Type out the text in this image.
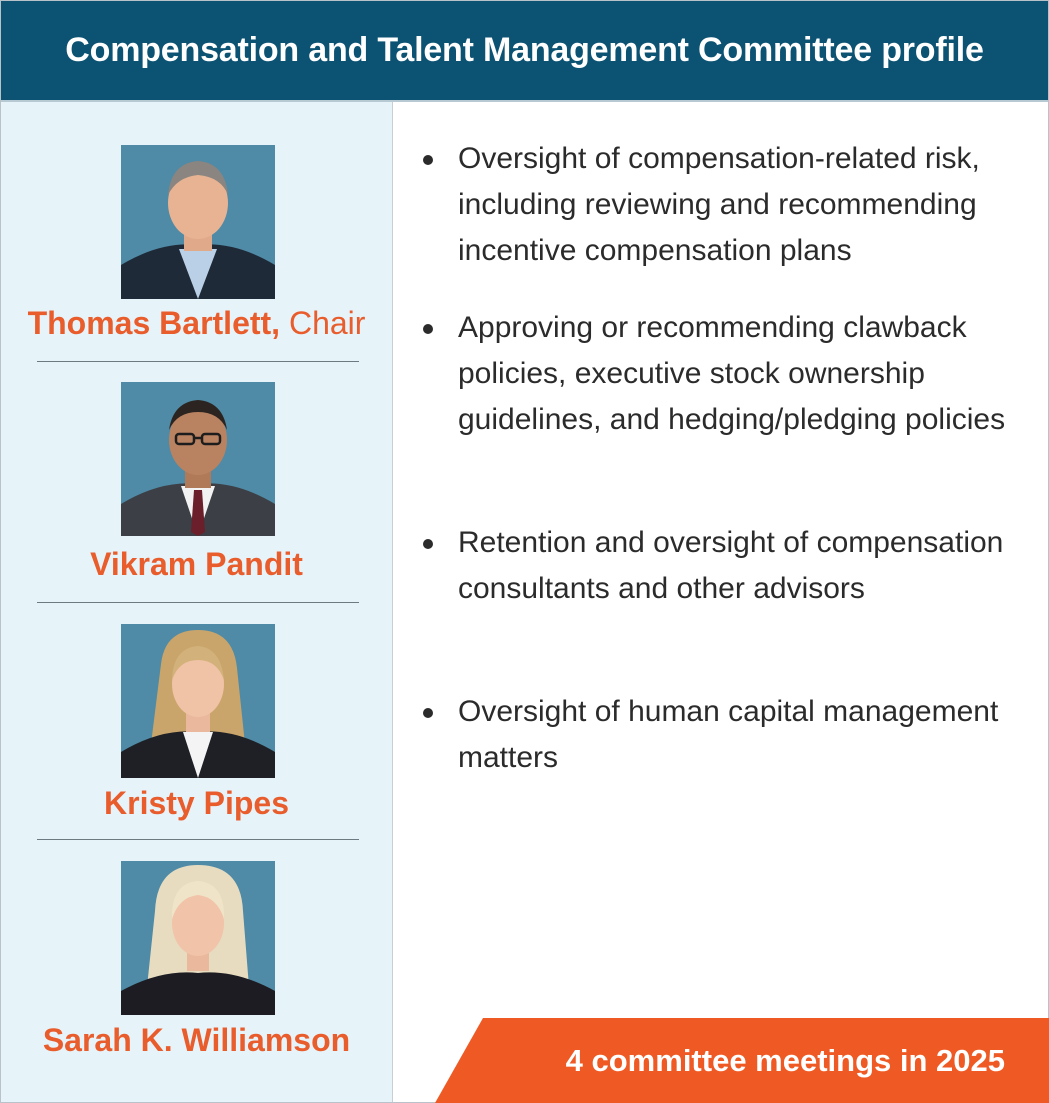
Compensation and Talent Management Committee profile
Thomas Bartlett, Chair
Vikram Pandit
Kristy Pipes
Sarah K. Williamson
Oversight of compensation-related risk, including reviewing and recommending incentive compensation plans
Approving or recommending clawback policies, executive stock ownership guidelines, and hedging/pledging policies
Retention and oversight of compensation consultants and other advisors
Oversight of human capital management matters
4 committee meetings in 2025
